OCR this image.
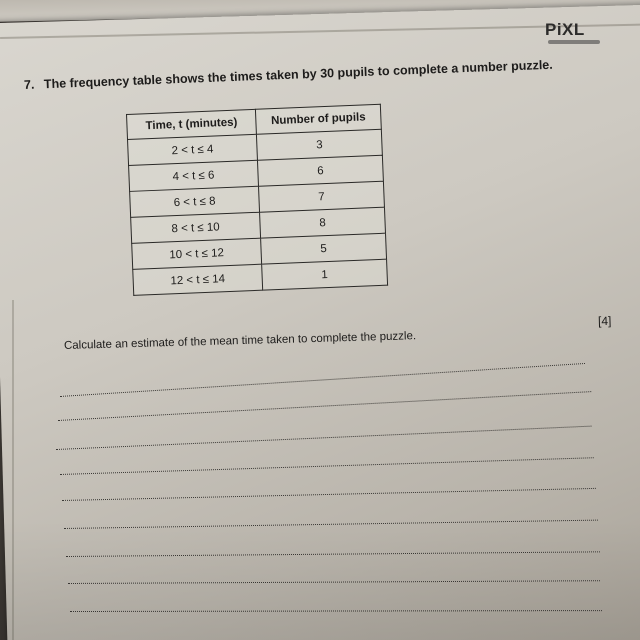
PiXL
7. The frequency table shows the times taken by 30 pupils to complete a number puzzle.
Time, t (minutes)	Number of pupils
2 < t ≤ 4	3
4 < t ≤ 6	6
6 < t ≤ 8	7
8 < t ≤ 10	8
10 < t ≤ 12	5
12 < t ≤ 14	1
Calculate an estimate of the mean time taken to complete the puzzle.
[4]
